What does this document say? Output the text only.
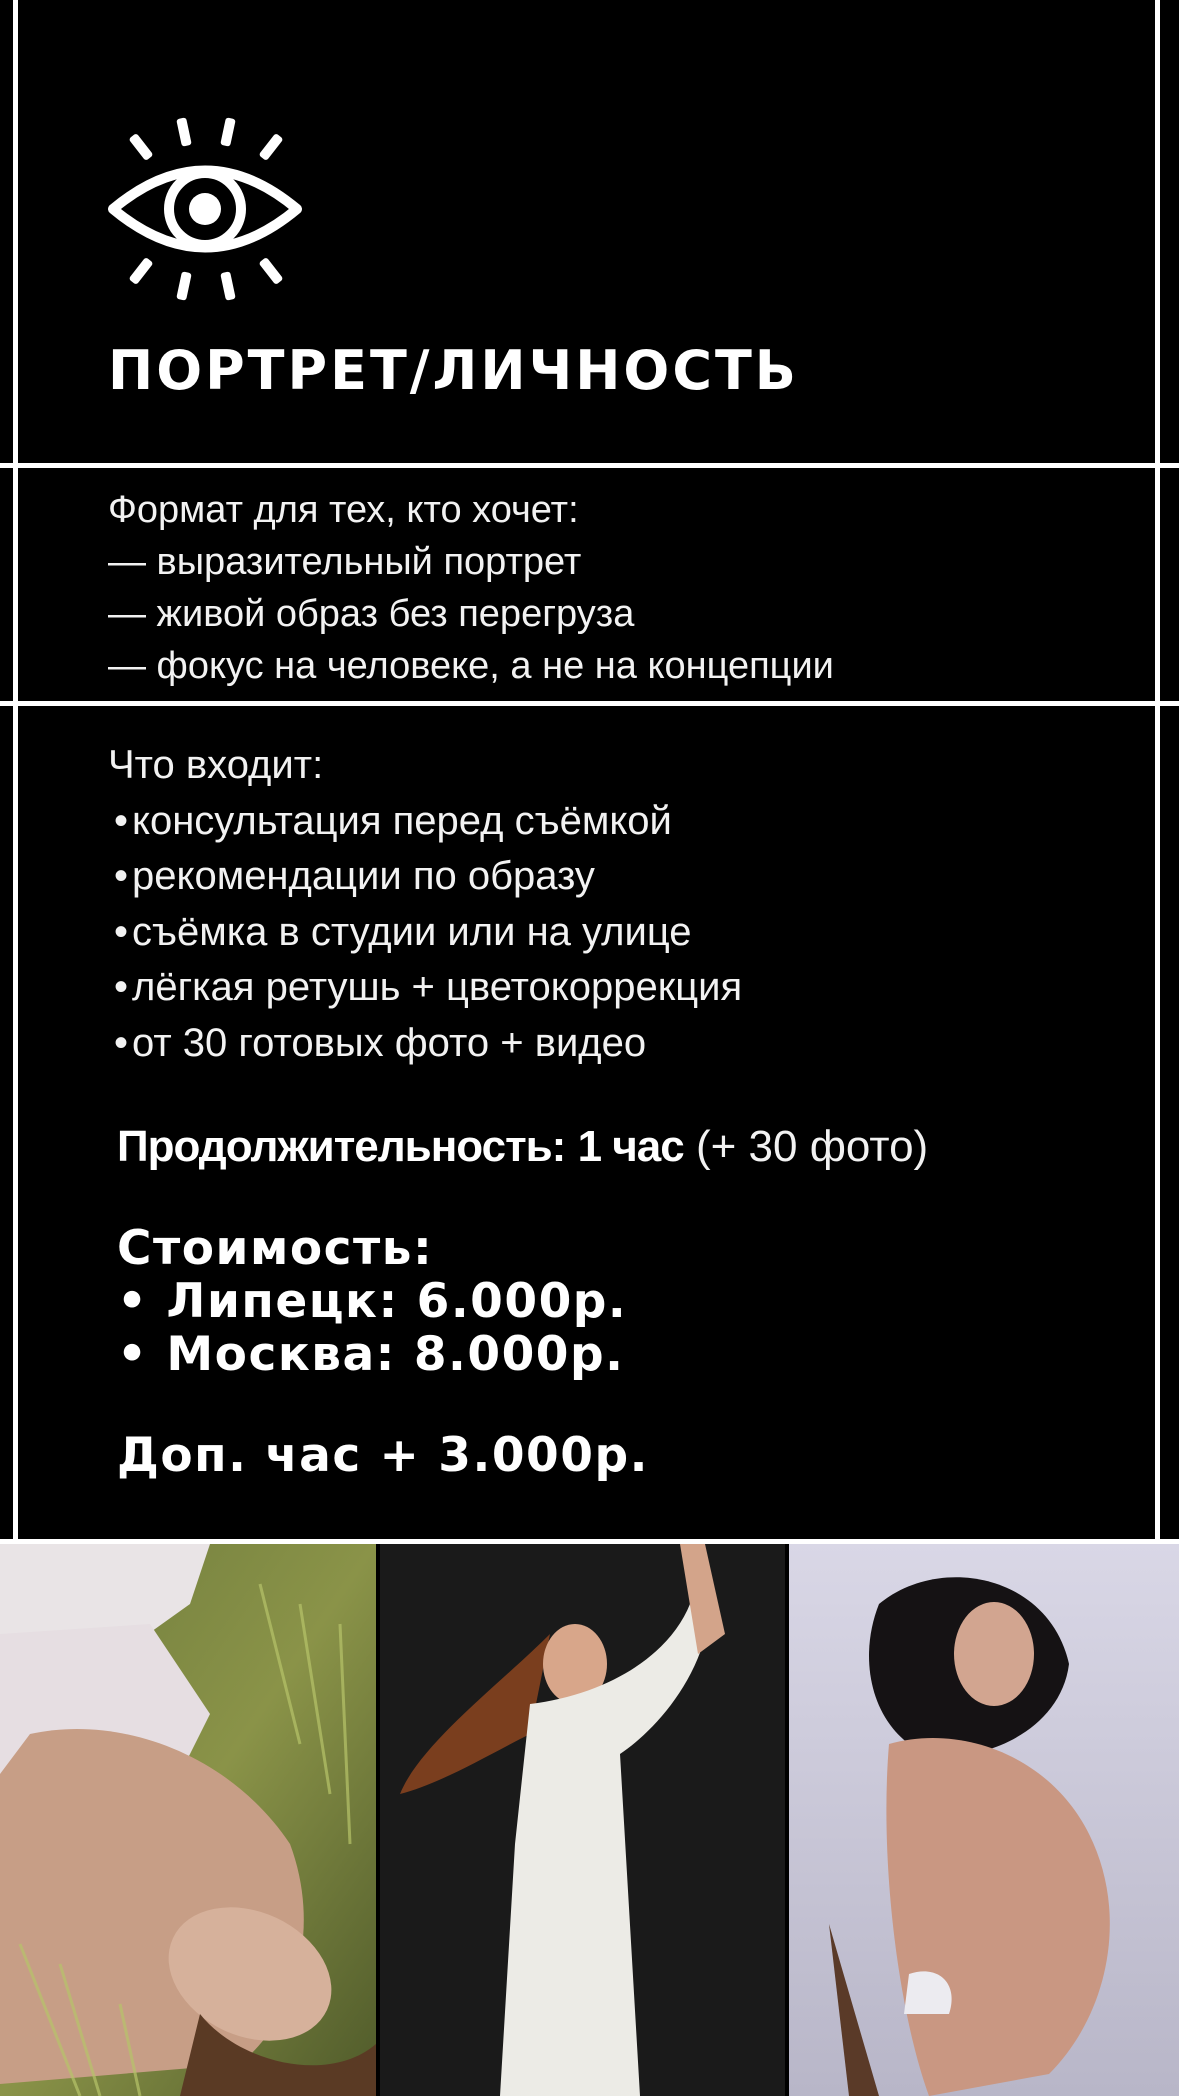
ПОРТРЕТ/ЛИЧНОСТЬ
Формат для тех, кто хочет:
— выразительный портрет
— живой образ без перегруза
— фокус на человеке, а не на концепции
Что входит:
•консультация перед съёмкой
•рекомендации по образу
•съёмка в студии или на улице
•лёгкая ретушь + цветокоррекция
•от 30 готовых фото + видео
Продолжительность: 1 час (+ 30 фото)
Стоимость:
• Липецк: 6.000р.
• Москва: 8.000р.
Доп. час + 3.000р.
